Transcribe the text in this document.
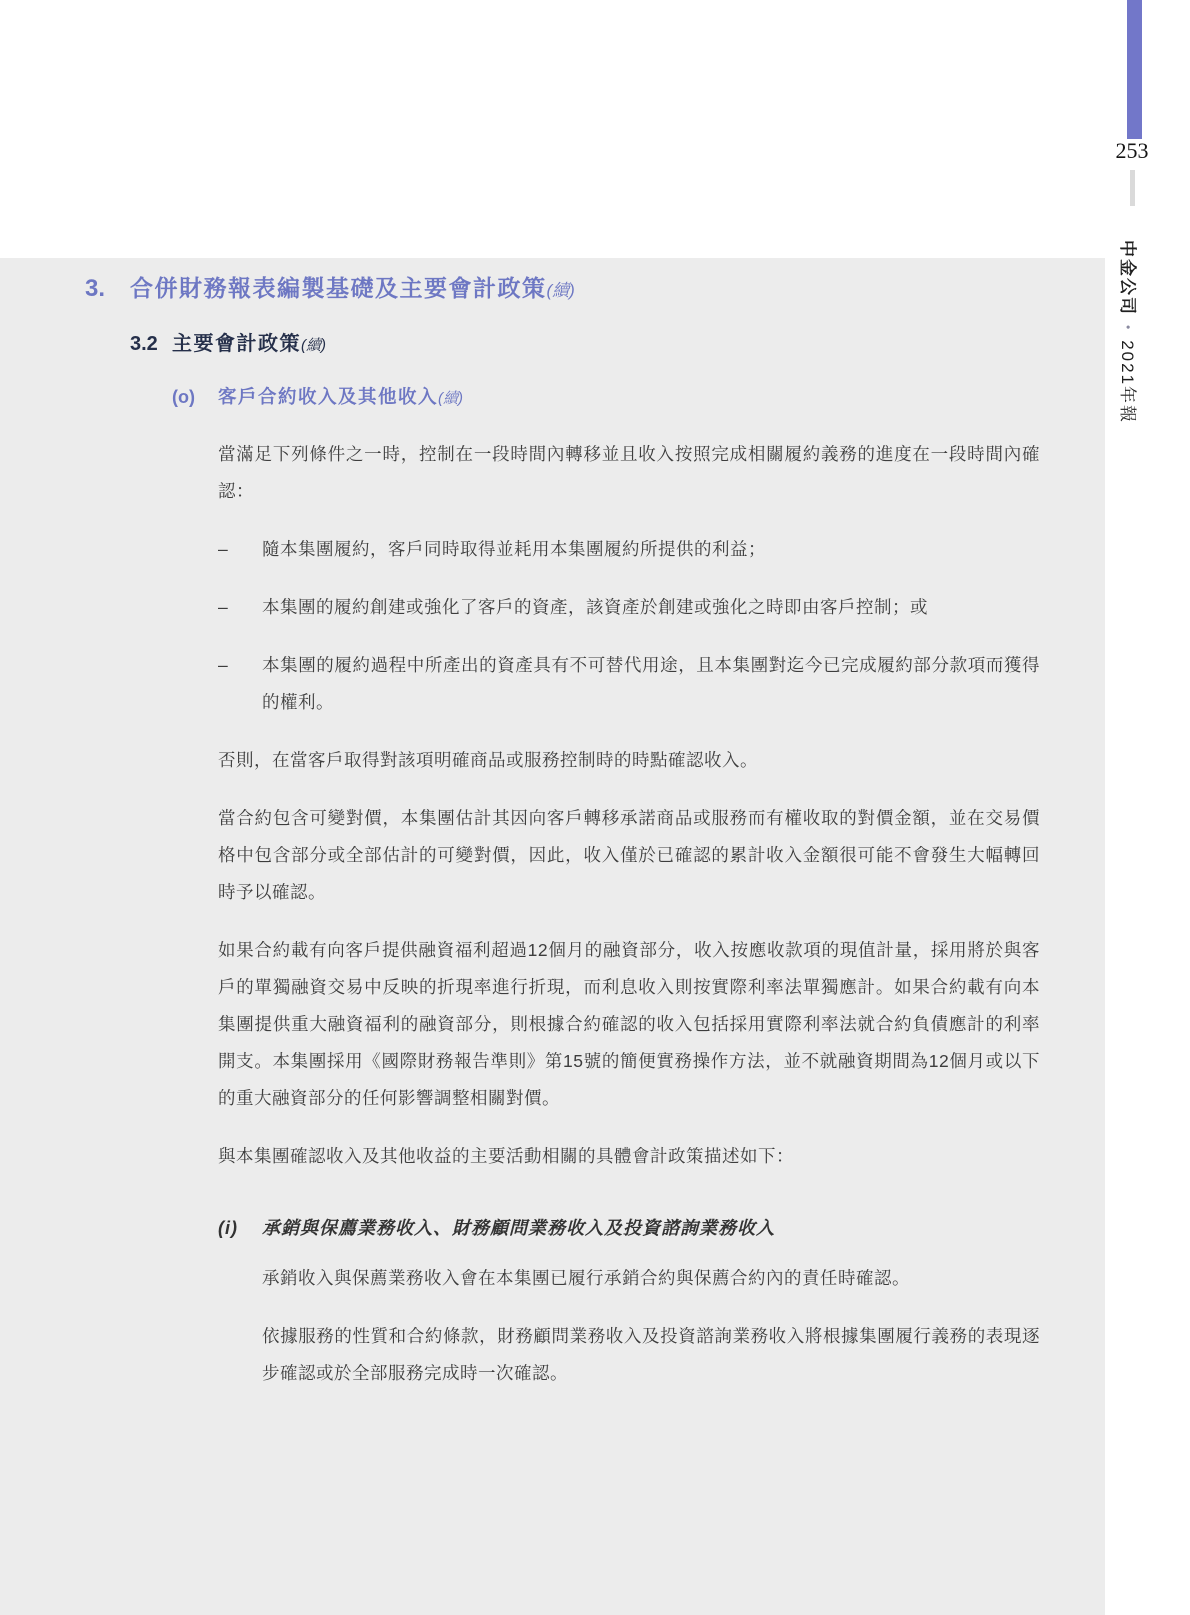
253
中金公司•2021年報
3. 合併財務報表編製基礎及主要會計政策(續)
3.2 主要會計政策(續)
(o) 客戶合約收入及其他收入(續)

當滿足下列條件之一時，控制在一段時間內轉移並且收入按照完成相關履約義務的進度在一段時間內確認：

–	隨本集團履約，客戶同時取得並耗用本集團履約所提供的利益；
–	本集團的履約創建或強化了客戶的資產，該資產於創建或強化之時即由客戶控制；或
–	本集團的履約過程中所產出的資產具有不可替代用途，且本集團對迄今已完成履約部分款項而獲得的權利。

否則，在當客戶取得對該項明確商品或服務控制時的時點確認收入。

當合約包含可變對價，本集團估計其因向客戶轉移承諾商品或服務而有權收取的對價金額，並在交易價格中包含部分或全部估計的可變對價，因此，收入僅於已確認的累計收入金額很可能不會發生大幅轉回時予以確認。

如果合約載有向客戶提供融資福利超過12個月的融資部分，收入按應收款項的現值計量，採用將於與客戶的單獨融資交易中反映的折現率進行折現，而利息收入則按實際利率法單獨應計。如果合約載有向本集團提供重大融資福利的融資部分，則根據合約確認的收入包括採用實際利率法就合約負債應計的利率開支。本集團採用《國際財務報告準則》第15號的簡便實務操作方法，並不就融資期間為12個月或以下的重大融資部分的任何影響調整相關對價。

與本集團確認收入及其他收益的主要活動相關的具體會計政策描述如下：

(i)	承銷與保薦業務收入、財務顧問業務收入及投資諮詢業務收入

承銷收入與保薦業務收入會在本集團已履行承銷合約與保薦合約內的責任時確認。

依據服務的性質和合約條款，財務顧問業務收入及投資諮詢業務收入將根據集團履行義務的表現逐步確認或於全部服務完成時一次確認。
